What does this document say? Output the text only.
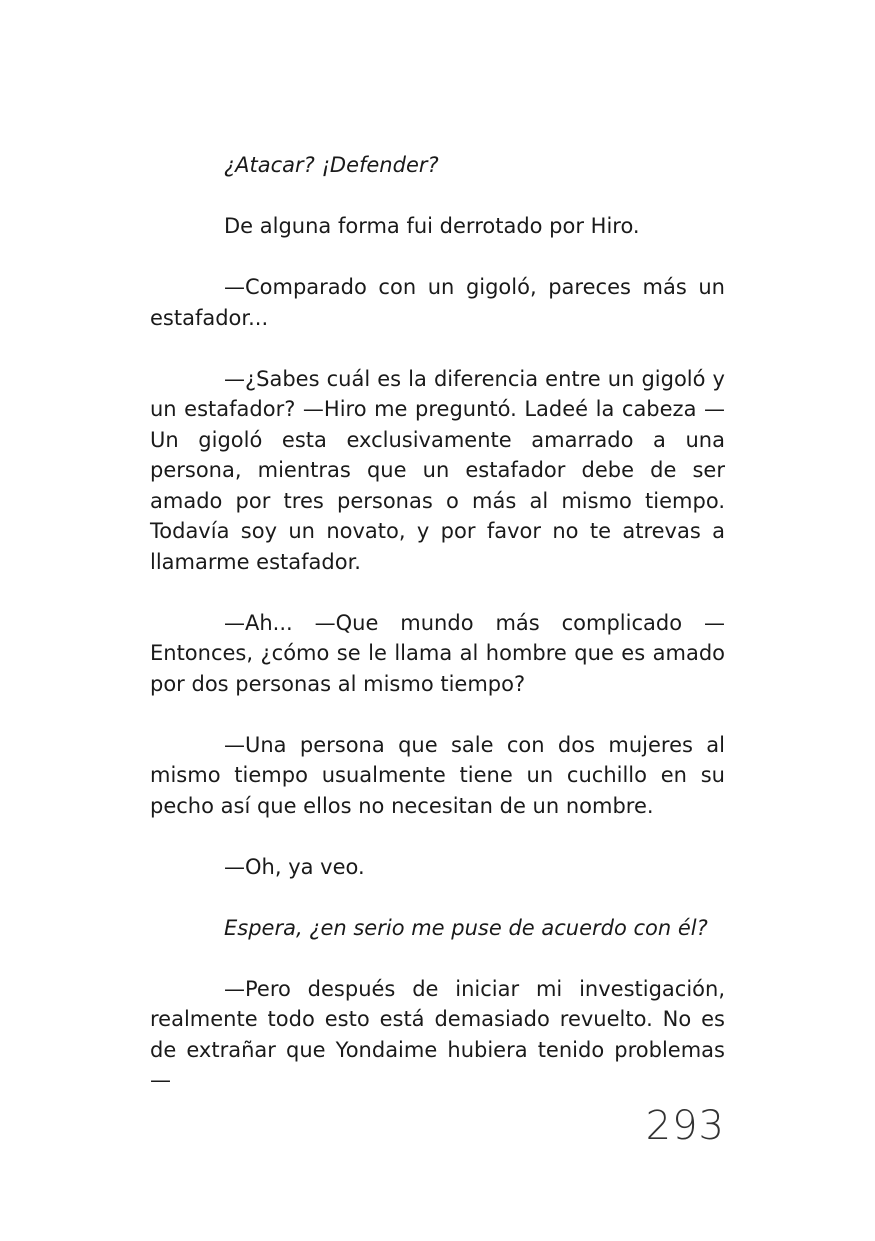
¿Atacar? ¡Defender?

De alguna forma fui derrotado por Hiro.

—Comparado con un gigoló, pareces más un estafador...

—¿Sabes cuál es la diferencia entre un gigoló y un estafador? —Hiro me preguntó. Ladeé la cabeza —Un gigoló esta exclusivamente amarrado a una persona, mientras que un estafador debe de ser amado por tres personas o más al mismo tiempo. Todavía soy un novato, y por favor no te atrevas a llamarme estafador.

—Ah... —Que mundo más complicado —Entonces, ¿cómo se le llama al hombre que es amado por dos personas al mismo tiempo?

—Una persona que sale con dos mujeres al mismo tiempo usualmente tiene un cuchillo en su pecho así que ellos no necesitan de un nombre.

—Oh, ya veo.

Espera, ¿en serio me puse de acuerdo con él?

—Pero después de iniciar mi investigación, realmente todo esto está demasiado revuelto. No es de extrañar que Yondaime hubiera tenido problemas —

293
